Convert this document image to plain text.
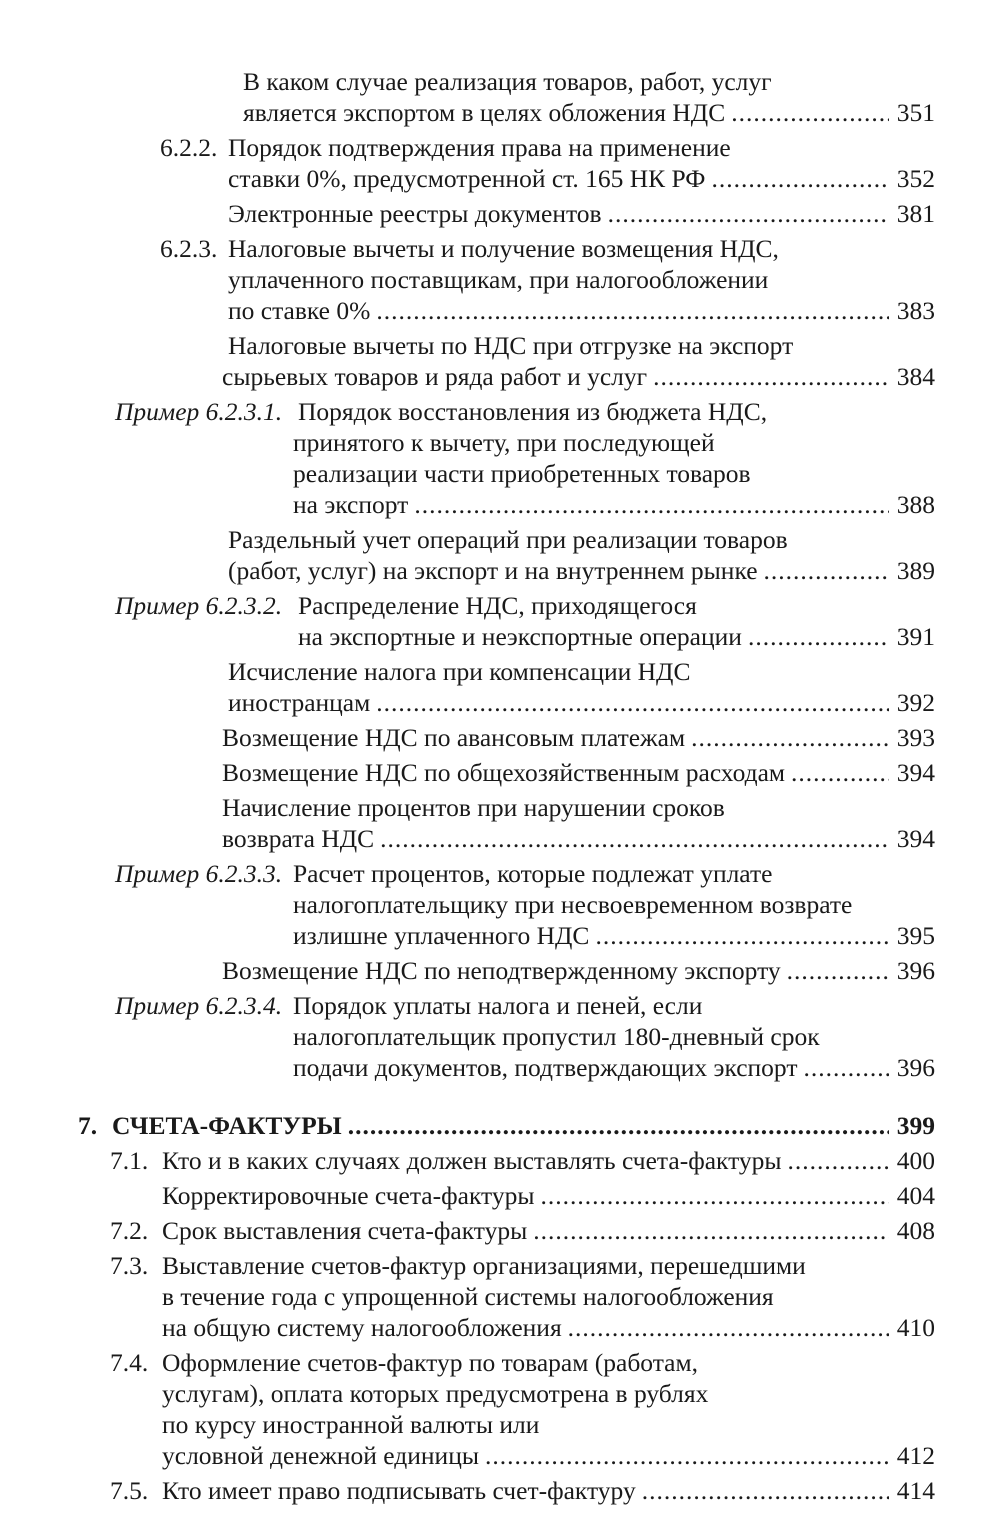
В каком случае реализация товаров, работ, услуг
является экспортом в целях обложения НДС .....	351
6.2.2. Порядок подтверждения права на применение
ставки 0%, предусмотренной ст. 165 НК РФ .....	352
Электронные реестры документов .....	381
6.2.3. Налоговые вычеты и получение возмещения НДС,
уплаченного поставщикам, при налогообложении
по ставке 0% .....	383
Налоговые вычеты по НДС при отгрузке на экспорт
сырьевых товаров и ряда работ и услуг .....	384
Пример 6.2.3.1. Порядок восстановления из бюджета НДС,
принятого к вычету, при последующей
реализации части приобретенных товаров
на экспорт .....	388
Раздельный учет операций при реализации товаров
(работ, услуг) на экспорт и на внутреннем рынке .....	389
Пример 6.2.3.2. Распределение НДС, приходящегося
на экспортные и неэкспортные операции .....	391
Исчисление налога при компенсации НДС
иностранцам .....	392
Возмещение НДС по авансовым платежам .....	393
Возмещение НДС по общехозяйственным расходам .....	394
Начисление процентов при нарушении сроков
возврата НДС .....	394
Пример 6.2.3.3. Расчет процентов, которые подлежат уплате
налогоплательщику при несвоевременном возврате
излишне уплаченного НДС .....	395
Возмещение НДС по неподтвержденному экспорту .....	396
Пример 6.2.3.4. Порядок уплаты налога и пеней, если
налогоплательщик пропустил 180-дневный срок
подачи документов, подтверждающих экспорт .....	396
7. СЧЕТА-ФАКТУРЫ .....	399
7.1. Кто и в каких случаях должен выставлять счета-фактуры .....	400
Корректировочные счета-фактуры .....	404
7.2. Срок выставления счета-фактуры .....	408
7.3. Выставление счетов-фактур организациями, перешедшими
в течение года с упрощенной системы налогообложения
на общую систему налогообложения .....	410
7.4. Оформление счетов-фактур по товарам (работам,
услугам), оплата которых предусмотрена в рублях
по курсу иностранной валюты или
условной денежной единицы .....	412
7.5. Кто имеет право подписывать счет-фактуру .....	414
